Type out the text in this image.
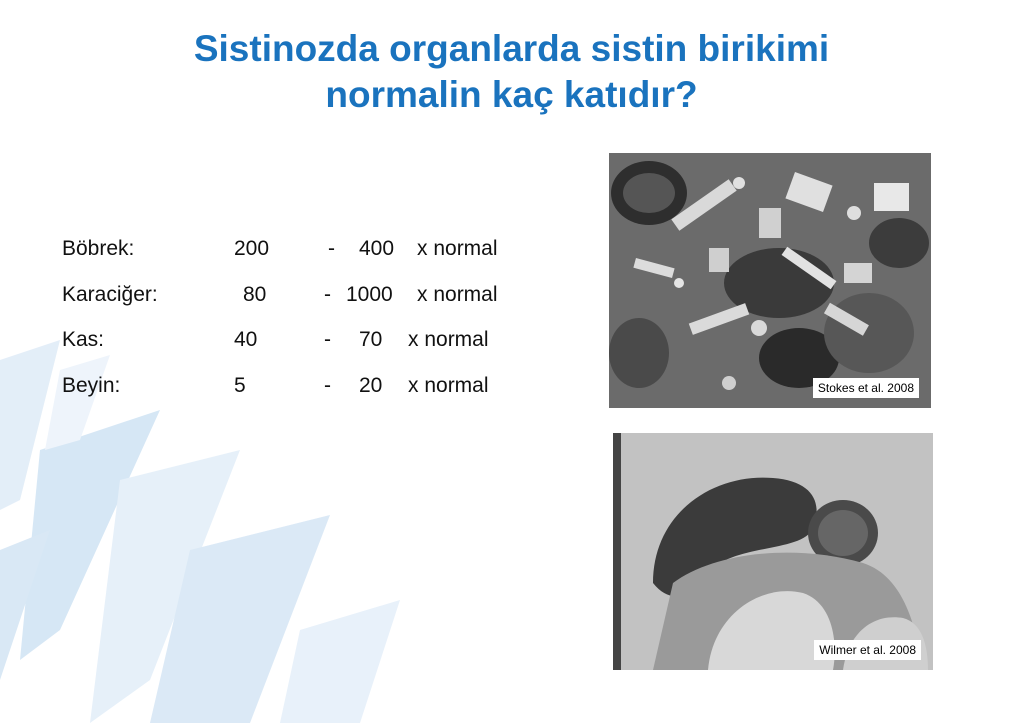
Sistinozda organlarda sistin birikimi
normalin kaç katıdır?
Böbrek:	200	- 400 x normal
Karaciğer:	80	- 1000 x normal
Kas:	40	- 70 x normal
Beyin:	5	- 20 x normal	Stokes et al. 2008
Wilmer et al. 2008
